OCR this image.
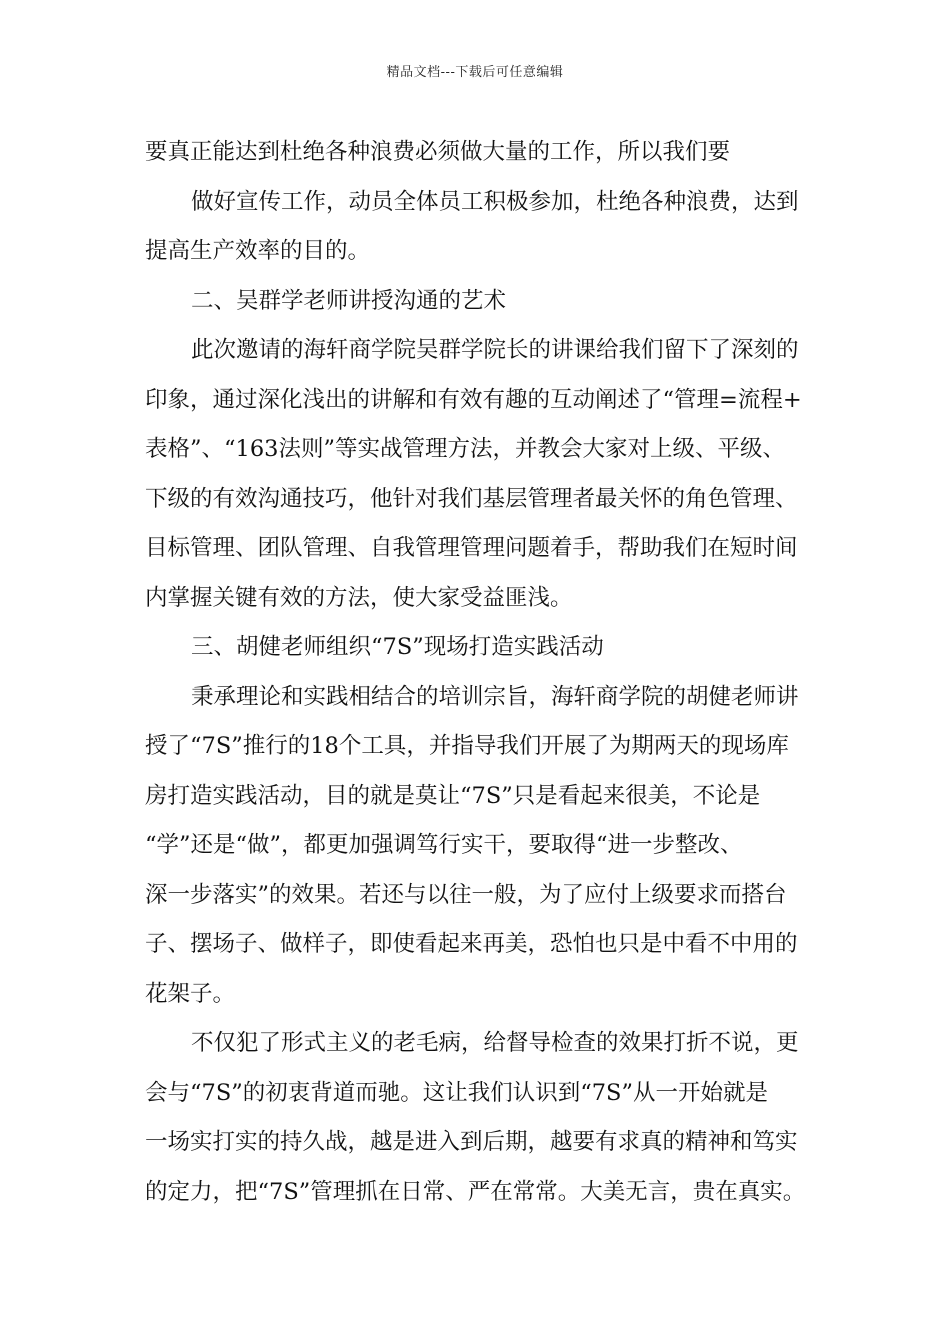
精品文档---下载后可任意编辑
要真正能达到杜绝各种浪费必须做大量的工作，所以我们要
做好宣传工作，动员全体员工积极参加，杜绝各种浪费，达到
提高生产效率的目的。
二、吴群学老师讲授沟通的艺术
此次邀请的海轩商学院吴群学院长的讲课给我们留下了深刻的
印象，通过深化浅出的讲解和有效有趣的互动阐述了“管理=流程+
表格”、“163法则”等实战管理方法，并教会大家对上级、平级、
下级的有效沟通技巧，他针对我们基层管理者最关怀的角色管理、
目标管理、团队管理、自我管理管理问题着手，帮助我们在短时间
内掌握关键有效的方法，使大家受益匪浅。
三、胡健老师组织“7S”现场打造实践活动
秉承理论和实践相结合的培训宗旨，海轩商学院的胡健老师讲
授了“7S”推行的18个工具，并指导我们开展了为期两天的现场库
房打造实践活动，目的就是莫让“7S”只是看起来很美，不论是
“学”还是“做”，都更加强调笃行实干，要取得“进一步整改、
深一步落实”的效果。若还与以往一般，为了应付上级要求而搭台
子、摆场子、做样子，即使看起来再美，恐怕也只是中看不中用的
花架子。
不仅犯了形式主义的老毛病，给督导检查的效果打折不说，更
会与“7S”的初衷背道而驰。这让我们认识到“7S”从一开始就是
一场实打实的持久战，越是进入到后期，越要有求真的精神和笃实
的定力，把“7S”管理抓在日常、严在常常。大美无言，贵在真实。
